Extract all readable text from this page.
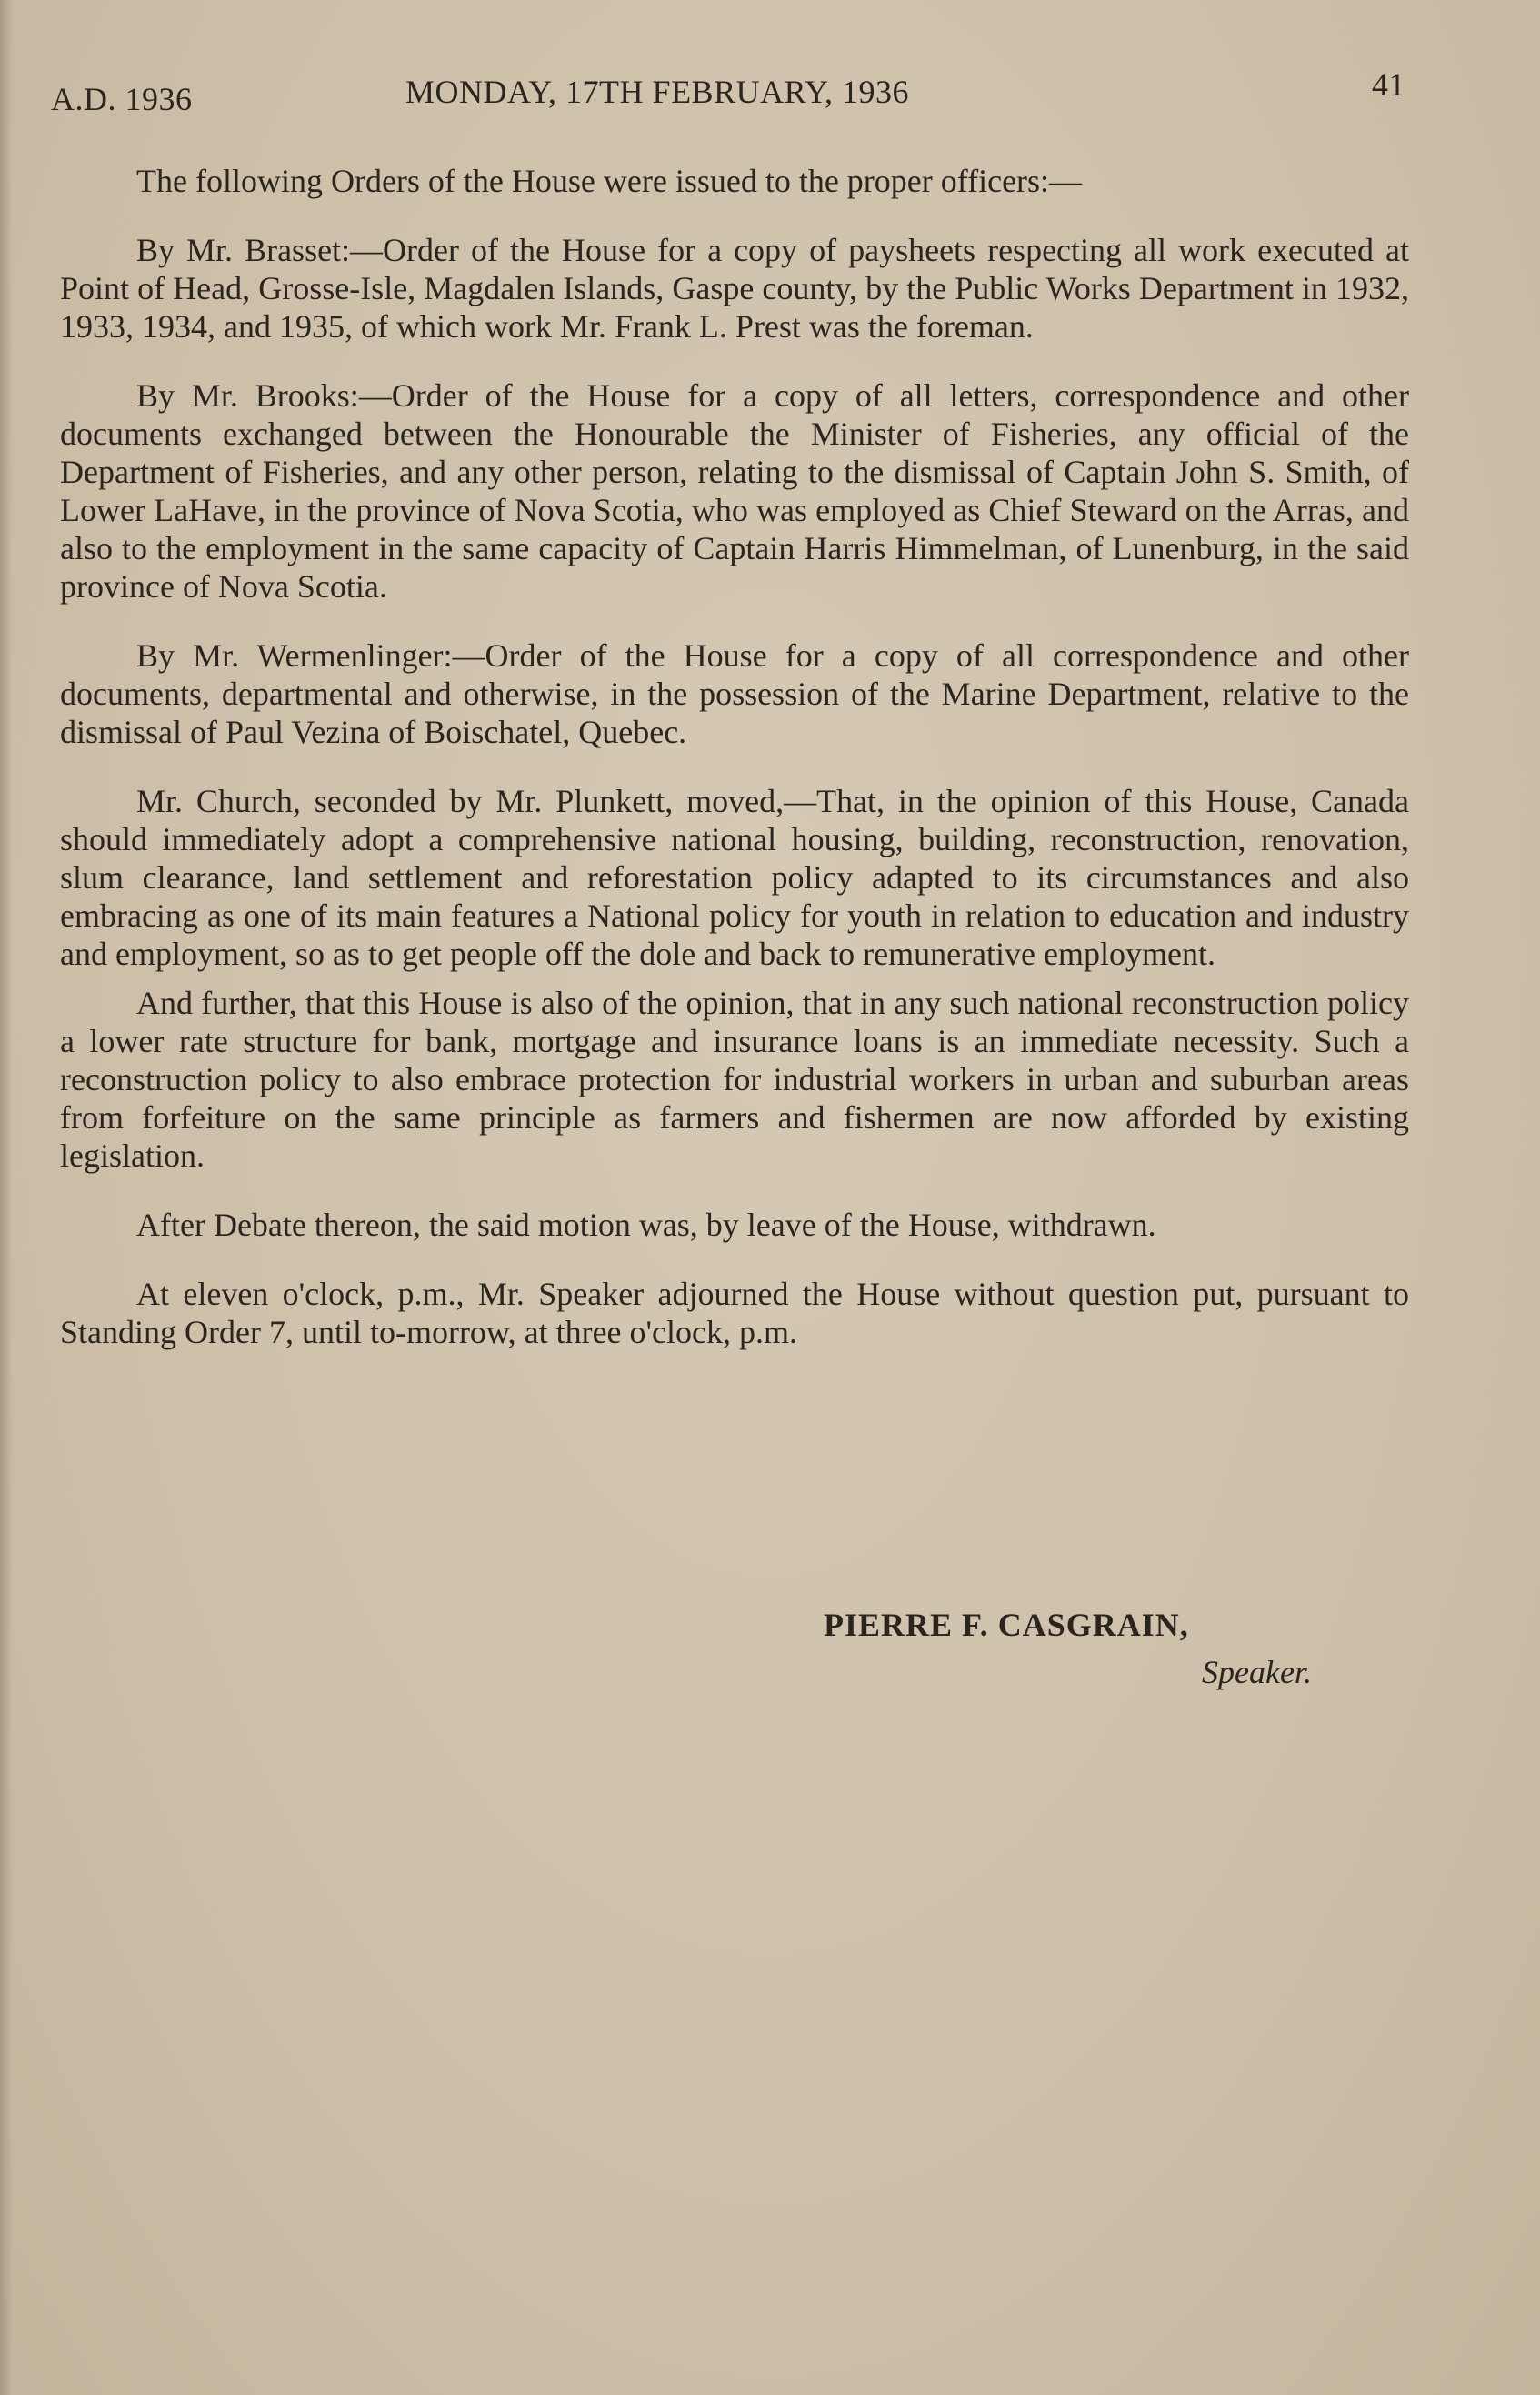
A.D. 1936	MONDAY, 17TH FEBRUARY, 1936	41

The following Orders of the House were issued to the proper officers:—

By Mr. Brasset:—Order of the House for a copy of paysheets respecting all work executed at Point of Head, Grosse-Isle, Magdalen Islands, Gaspe county, by the Public Works Department in 1932, 1933, 1934, and 1935, of which work Mr. Frank L. Prest was the foreman.

By Mr. Brooks:—Order of the House for a copy of all letters, correspondence and other documents exchanged between the Honourable the Minister of Fisheries, any official of the Department of Fisheries, and any other person, relating to the dismissal of Captain John S. Smith, of Lower LaHave, in the province of Nova Scotia, who was employed as Chief Steward on the Arras, and also to the employment in the same capacity of Captain Harris Himmelman, of Lunenburg, in the said province of Nova Scotia.

By Mr. Wermenlinger:—Order of the House for a copy of all correspondence and other documents, departmental and otherwise, in the possession of the Marine Department, relative to the dismissal of Paul Vezina of Boischatel, Quebec.

Mr. Church, seconded by Mr. Plunkett, moved,—That, in the opinion of this House, Canada should immediately adopt a comprehensive national housing, building, reconstruction, renovation, slum clearance, land settlement and reforestation policy adapted to its circumstances and also embracing as one of its main features a National policy for youth in relation to education and industry and employment, so as to get people off the dole and back to remunerative employment.

And further, that this House is also of the opinion, that in any such national reconstruction policy a lower rate structure for bank, mortgage and insurance loans is an immediate necessity. Such a reconstruction policy to also embrace protection for industrial workers in urban and suburban areas from forfeiture on the same principle as farmers and fishermen are now afforded by existing legislation.

After Debate thereon, the said motion was, by leave of the House, withdrawn.

At eleven o'clock, p.m., Mr. Speaker adjourned the House without question put, pursuant to Standing Order 7, until to-morrow, at three o'clock, p.m.

PIERRE F. CASGRAIN,
Speaker.
